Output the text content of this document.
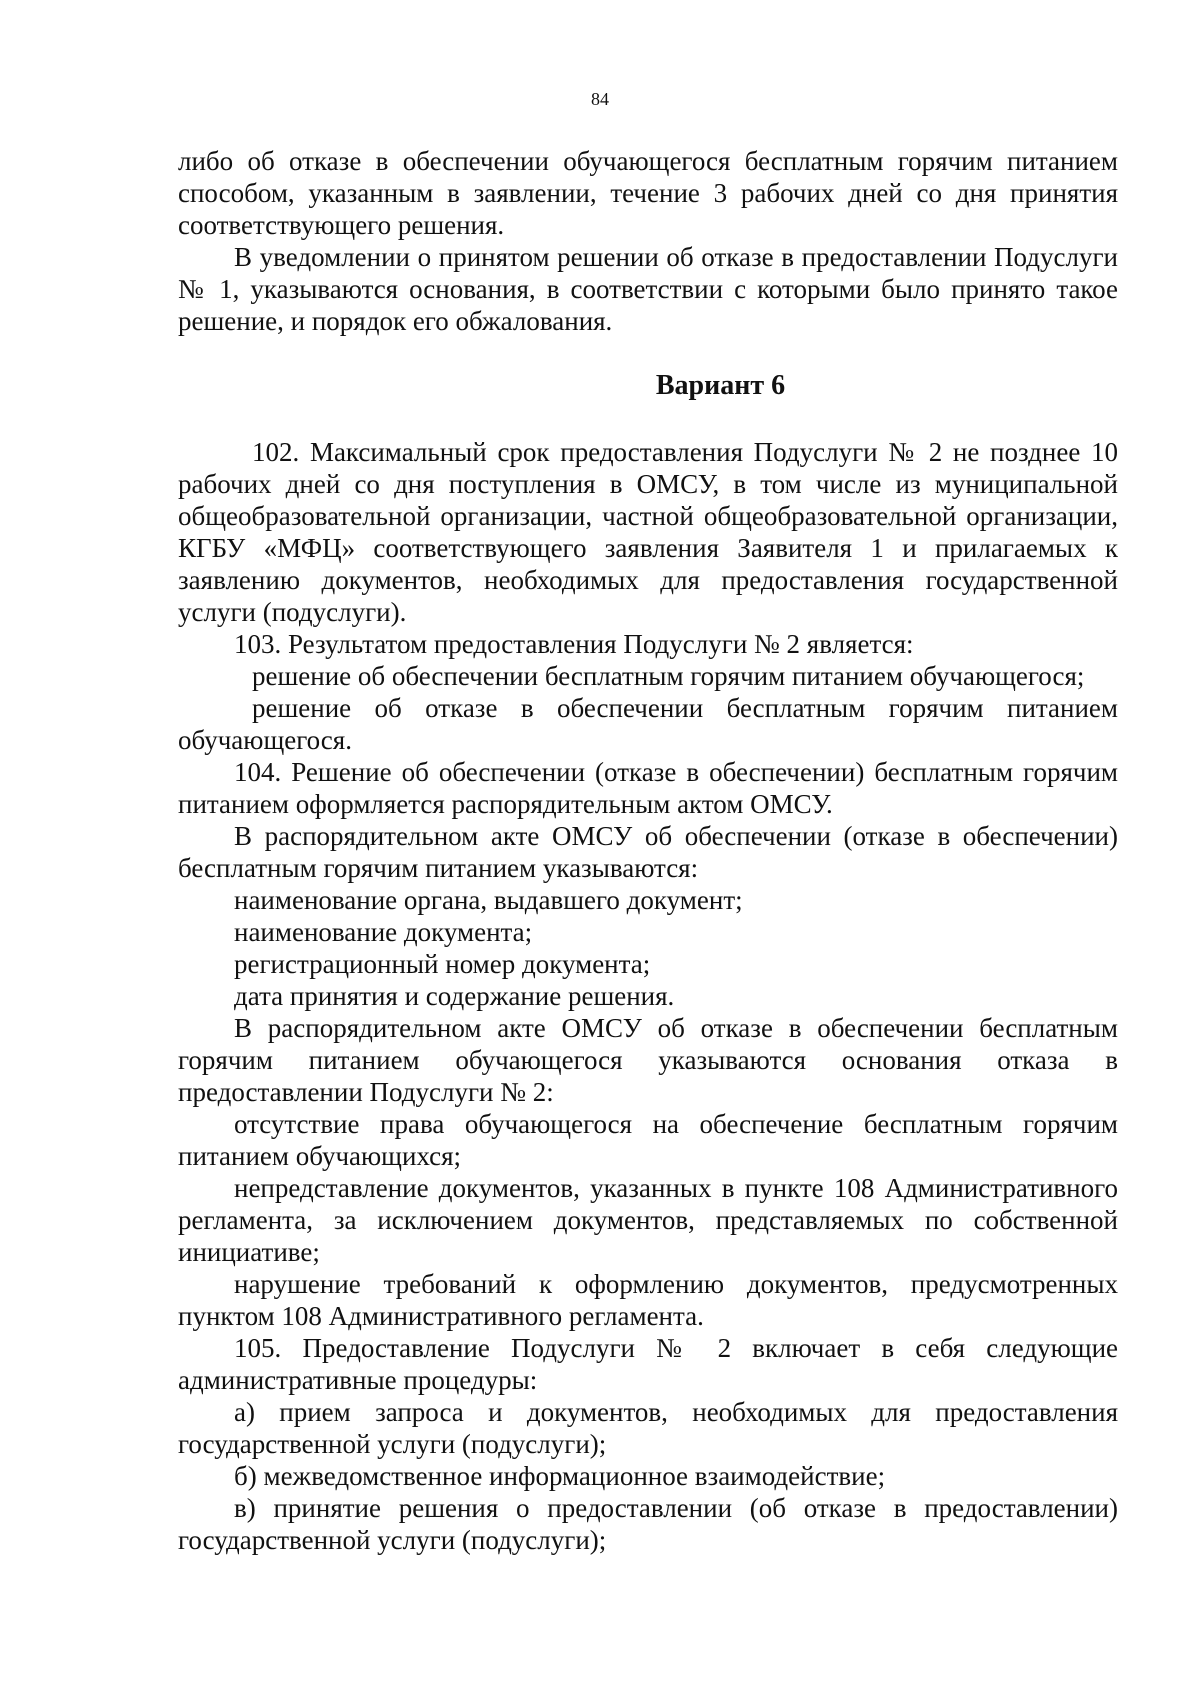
84

либо об отказе в обеспечении обучающегося бесплатным горячим питанием способом, указанным в заявлении, течение 3 рабочих дней со дня принятия соответствующего решения.

В уведомлении о принятом решении об отказе в предоставлении Подуслуги № 1, указываются основания, в соответствии с которыми было принято такое решение, и порядок его обжалования.

Вариант 6

102. Максимальный срок предоставления Подуслуги № 2 не позднее 10 рабочих дней со дня поступления в ОМСУ, в том числе из муниципальной общеобразовательной организации, частной общеобразовательной организации, КГБУ «МФЦ» соответствующего заявления Заявителя 1 и прилагаемых к заявлению документов, необходимых для предоставления государственной услуги (подуслуги).

103. Результатом предоставления Подуслуги № 2 является:

решение об обеспечении бесплатным горячим питанием обучающегося;

решение об отказе в обеспечении бесплатным горячим питанием обучающегося.

104. Решение об обеспечении (отказе в обеспечении) бесплатным горячим питанием оформляется распорядительным актом ОМСУ.

В распорядительном акте ОМСУ об обеспечении (отказе в обеспечении) бесплатным горячим питанием указываются:

наименование органа, выдавшего документ;

наименование документа;

регистрационный номер документа;

дата принятия и содержание решения.

В распорядительном акте ОМСУ об отказе в обеспечении бесплатным горячим питанием обучающегося указываются основания отказа в предоставлении Подуслуги № 2:

отсутствие права обучающегося на обеспечение бесплатным горячим питанием обучающихся;

непредставление документов, указанных в пункте 108 Административного регламента, за исключением документов, представляемых по собственной инициативе;

нарушение требований к оформлению документов, предусмотренных пунктом 108 Административного регламента.

105. Предоставление Подуслуги № 2 включает в себя следующие административные процедуры:

а) прием запроса и документов, необходимых для предоставления государственной услуги (подуслуги);

б) межведомственное информационное взаимодействие;

в) принятие решения о предоставлении (об отказе в предоставлении) государственной услуги (подуслуги);
